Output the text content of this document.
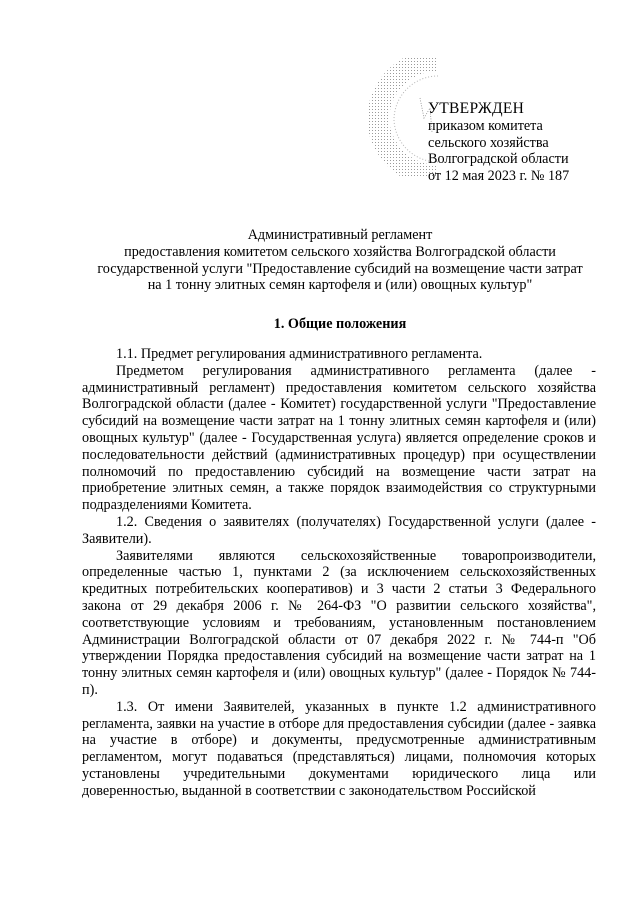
УТВЕРЖДЕН
приказом комитета
сельского хозяйства
Волгоградской области
от 12 мая 2023 г. № 187
Административный регламент
предоставления комитетом сельского хозяйства Волгоградской области
государственной услуги "Предоставление субсидий на возмещение части затрат
на 1 тонну элитных семян картофеля и (или) овощных культур"
1. Общие положения

1.1. Предмет регулирования административного регламента.

Предметом регулирования административного регламента (далее - административный регламент) предоставления комитетом сельского хозяйства Волгоградской области (далее - Комитет) государственной услуги "Предоставление субсидий на возмещение части затрат на 1 тонну элитных семян картофеля и (или) овощных культур" (далее - Государственная услуга) является определение сроков и последовательности действий (административных процедур) при осуществлении полномочий по предоставлению субсидий на возмещение части затрат на приобретение элитных семян, а также порядок взаимодействия со структурными подразделениями Комитета.

1.2. Сведения о заявителях (получателях) Государственной услуги (далее - Заявители).

Заявителями являются сельскохозяйственные товаропроизводители, определенные частью 1, пунктами 2 (за исключением сельскохозяйственных кредитных потребительских кооперативов) и 3 части 2 статьи 3 Федерального закона от 29 декабря 2006 г. № 264-ФЗ "О развитии сельского хозяйства", соответствующие условиям и требованиям, установленным постановлением Администрации Волгоградской области от 07 декабря 2022 г. № 744-п "Об утверждении Порядка предоставления субсидий на возмещение части затрат на 1 тонну элитных семян картофеля и (или) овощных культур" (далее - Порядок № 744-п).

1.3. От имени Заявителей, указанных в пункте 1.2 административного регламента, заявки на участие в отборе для предоставления субсидии (далее - заявка на участие в отборе) и документы, предусмотренные административным регламентом, могут подаваться (представляться) лицами, полномочия которых установлены учредительными документами юридического лица или доверенностью, выданной в соответствии с законодательством Российской
